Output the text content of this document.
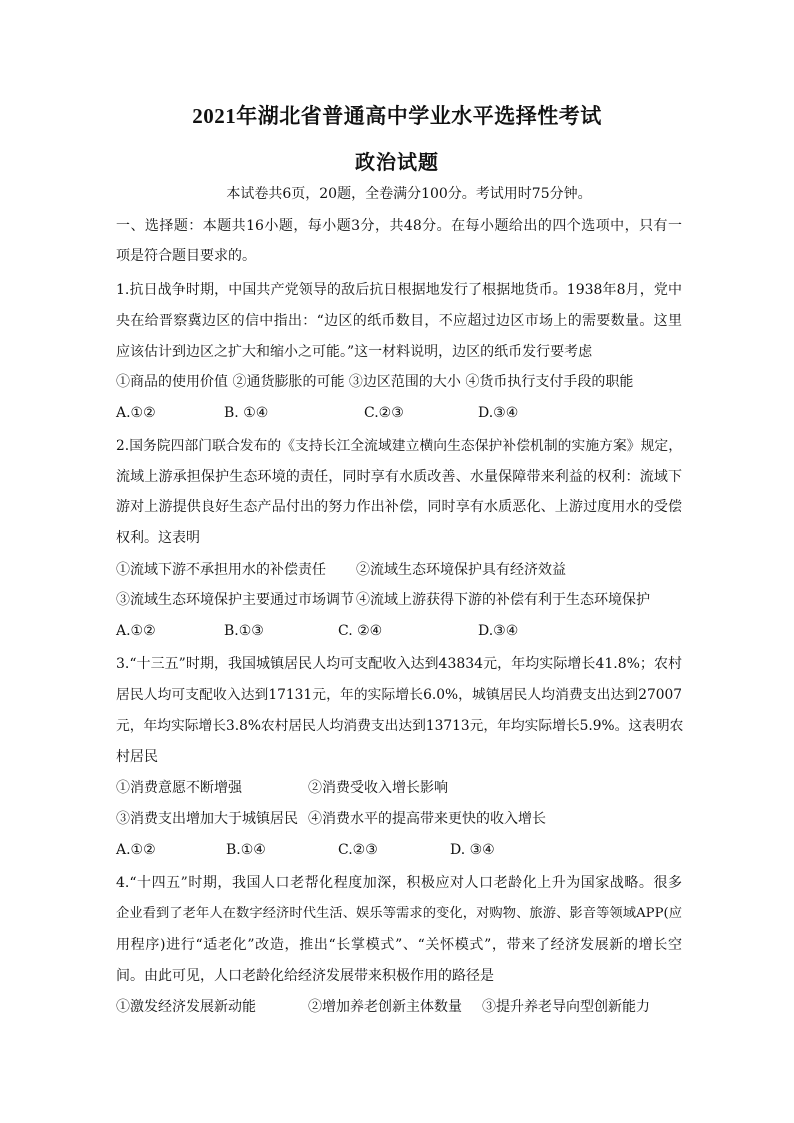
2021年湖北省普通高中学业水平选择性考试
政治试题
本试卷共6页，20题，全卷满分100分。考试用时75分钟。
一、选择题：本题共16小题，每小题3分，共48分。在每小题给出的四个选项中，只有一
项是符合题目要求的。
1.抗日战争时期，中国共产党领导的敌后抗日根据地发行了根据地货币。1938年8月，党中
央在给晋察冀边区的信中指出：“边区的纸币数目，不应超过边区市场上的需要数量。这里
应该估计到边区之扩大和缩小之可能。”这一材料说明，边区的纸币发行要考虑
①商品的使用价值 ②通货膨胀的可能 ③边区范围的大小 ④货币执行支付手段的职能
A.①②	B. ①④	C.②③	D.③④
2.国务院四部门联合发布的《支持长江全流域建立横向生态保护补偿机制的实施方案》规定，
流域上游承担保护生态环境的责任，同时享有水质改善、水量保障带来利益的权利：流域下
游对上游提供良好生态产品付出的努力作出补偿，同时享有水质恶化、上游过度用水的受偿
权利。这表明
①流域下游不承担用水的补偿责任 ②流域生态环境保护具有经济效益
③流域生态环境保护主要通过市场调节 ④流域上游获得下游的补偿有利于生态环境保护
A.①②	B.①③	C. ②④	D.③④
3.“十三五”时期，我国城镇居民人均可支配收入达到43834元，年均实际增长41.8%；农村
居民人均可支配收入达到17131元，年的实际增长6.0%，城镇居民人均消费支出达到27007
元，年均实际增长3.8%农村居民人均消费支出达到13713元，年均实际增长5.9%。这表明农
村居民
①消费意愿不断增强	②消费受收入增长影响
③消费支出增加大于城镇居民 ④消费水平的提高带来更快的收入增长
A.①②	B.①④	C.②③	D. ③④
4.“十四五”时期，我国人口老帮化程度加深，积极应对人口老龄化上升为国家战略。很多
企业看到了老年人在数字经济时代生活、娱乐等需求的变化，对购物、旅游、影音等领域APP(应
用程序)进行“适老化”改造，推出“长掌模式”、“关怀模式”，带来了经济发展新的增长空
间。由此可见，人口老龄化给经济发展带来积极作用的路径是
①激发经济发展新动能	②增加养老创新主体数量 ③提升养老导向型创新能力
